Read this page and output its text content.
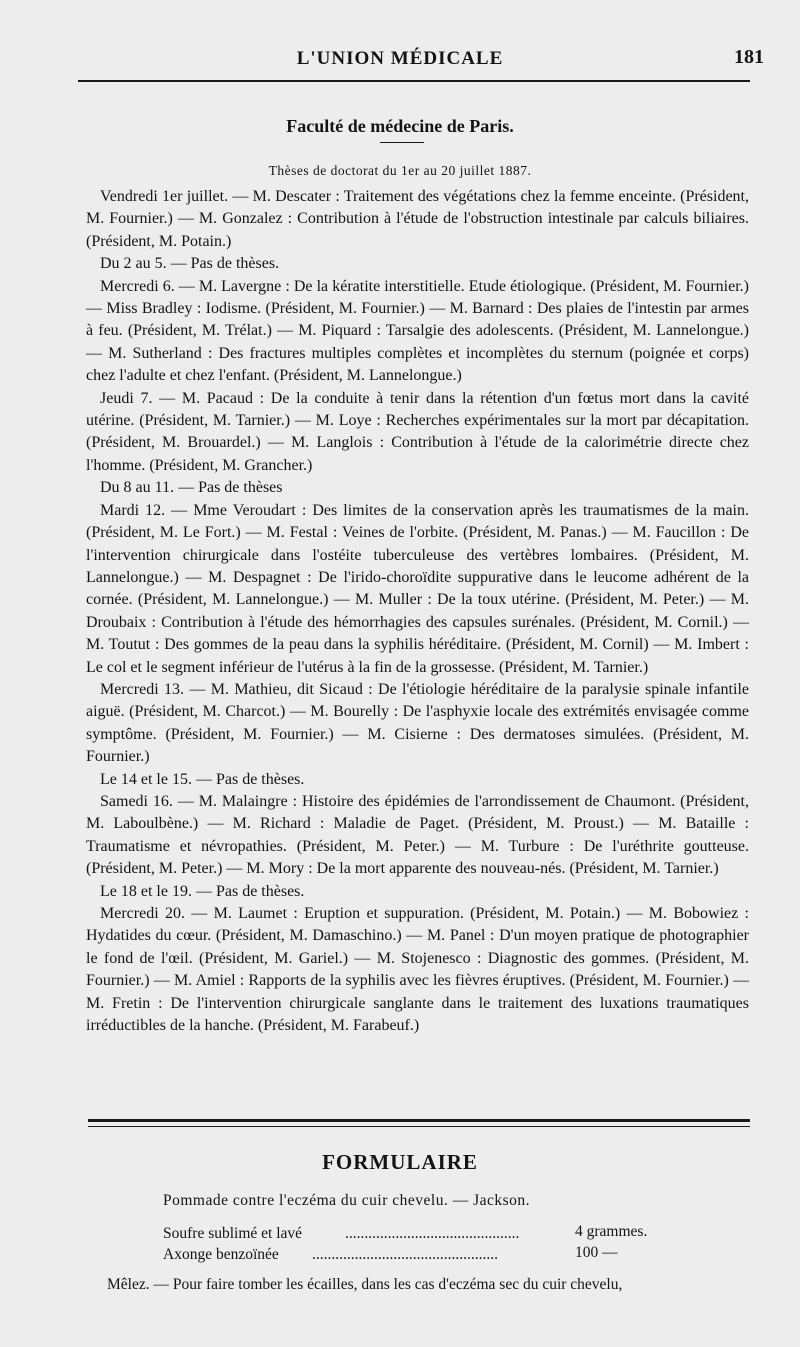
L'UNION MÉDICALE	181
Faculté de médecine de Paris.
Thèses de doctorat du 1er au 20 juillet 1887.

Vendredi 1er juillet. — M. Descater : Traitement des végétations chez la femme enceinte. (Président, M. Fournier.) — M. Gonzalez : Contribution à l'étude de l'obstruction intestinale par calculs biliaires. (Président, M. Potain.)

Du 2 au 5. — Pas de thèses.

Mercredi 6. — M. Lavergne : De la kératite interstitielle. Etude étiologique. (Président, M. Fournier.) — Miss Bradley : Iodisme. (Président, M. Fournier.) — M. Barnard : Des plaies de l'intestin par armes à feu. (Président, M. Trélat.) — M. Piquard : Tarsalgie des adolescents. (Président, M. Lannelongue.) — M. Sutherland : Des fractures multiples complètes et incomplètes du sternum (poignée et corps) chez l'adulte et chez l'enfant. (Président, M. Lannelongue.)

Jeudi 7. — M. Pacaud : De la conduite à tenir dans la rétention d'un fœtus mort dans la cavité utérine. (Président, M. Tarnier.) — M. Loye : Recherches expérimentales sur la mort par décapitation. (Président, M. Brouardel.) — M. Langlois : Contribution à l'étude de la calorimétrie directe chez l'homme. (Président, M. Grancher.)

Du 8 au 11. — Pas de thèses

Mardi 12. — Mme Veroudart : Des limites de la conservation après les traumatismes de la main. (Président, M. Le Fort.) — M. Festal : Veines de l'orbite. (Président, M. Panas.) — M. Faucillon : De l'intervention chirurgicale dans l'ostéite tuberculeuse des vertèbres lombaires. (Président, M. Lannelongue.) — M. Despagnet : De l'irido-choroïdite suppurative dans le leucome adhérent de la cornée. (Président, M. Lannelongue.) — M. Muller : De la toux utérine. (Président, M. Peter.) — M. Droubaix : Contribution à l'étude des hémorrhagies des capsules surénales. (Président, M. Cornil.) — M. Toutut : Des gommes de la peau dans la syphilis héréditaire. (Président, M. Cornil) — M. Imbert : Le col et le segment inférieur de l'utérus à la fin de la grossesse. (Président, M. Tarnier.)

Mercredi 13. — M. Mathieu, dit Sicaud : De l'étiologie héréditaire de la paralysie spinale infantile aiguë. (Président, M. Charcot.) — M. Bourelly : De l'asphyxie locale des extrémités envisagée comme symptôme. (Président, M. Fournier.) — M. Cisierne : Des dermatoses simulées. (Président, M. Fournier.)

Le 14 et le 15. — Pas de thèses.

Samedi 16. — M. Malaingre : Histoire des épidémies de l'arrondissement de Chaumont. (Président, M. Laboulbène.) — M. Richard : Maladie de Paget. (Président, M. Proust.) — M. Bataille : Traumatisme et névropathies. (Président, M. Peter.) — M. Turbure : De l'uréthrite goutteuse. (Président, M. Peter.) — M. Mory : De la mort apparente des nouveau-nés. (Président, M. Tarnier.)

Le 18 et le 19. — Pas de thèses.

Mercredi 20. — M. Laumet : Eruption et suppuration. (Président, M. Potain.) — M. Bobowiez : Hydatides du cœur. (Président, M. Damaschino.) — M. Panel : D'un moyen pratique de photographier le fond de l'œil. (Président, M. Gariel.) — M. Stojenesco : Diagnostic des gommes. (Président, M. Fournier.) — M. Amiel : Rapports de la syphilis avec les fièvres éruptives. (Président, M. Fournier.) — M. Fretin : De l'intervention chirurgicale sanglante dans le traitement des luxations traumatiques irréductibles de la hanche. (Président, M. Farabeuf.)

FORMULAIRE
Pommade contre l'eczéma du cuir chevelu. — Jackson.
Soufre sublimé et lavé	.............................................	4 grammes.
Axonge benzoïnée ................................................	100 —
Mêlez. — Pour faire tomber les écailles, dans les cas d'eczéma sec du cuir chevelu,
